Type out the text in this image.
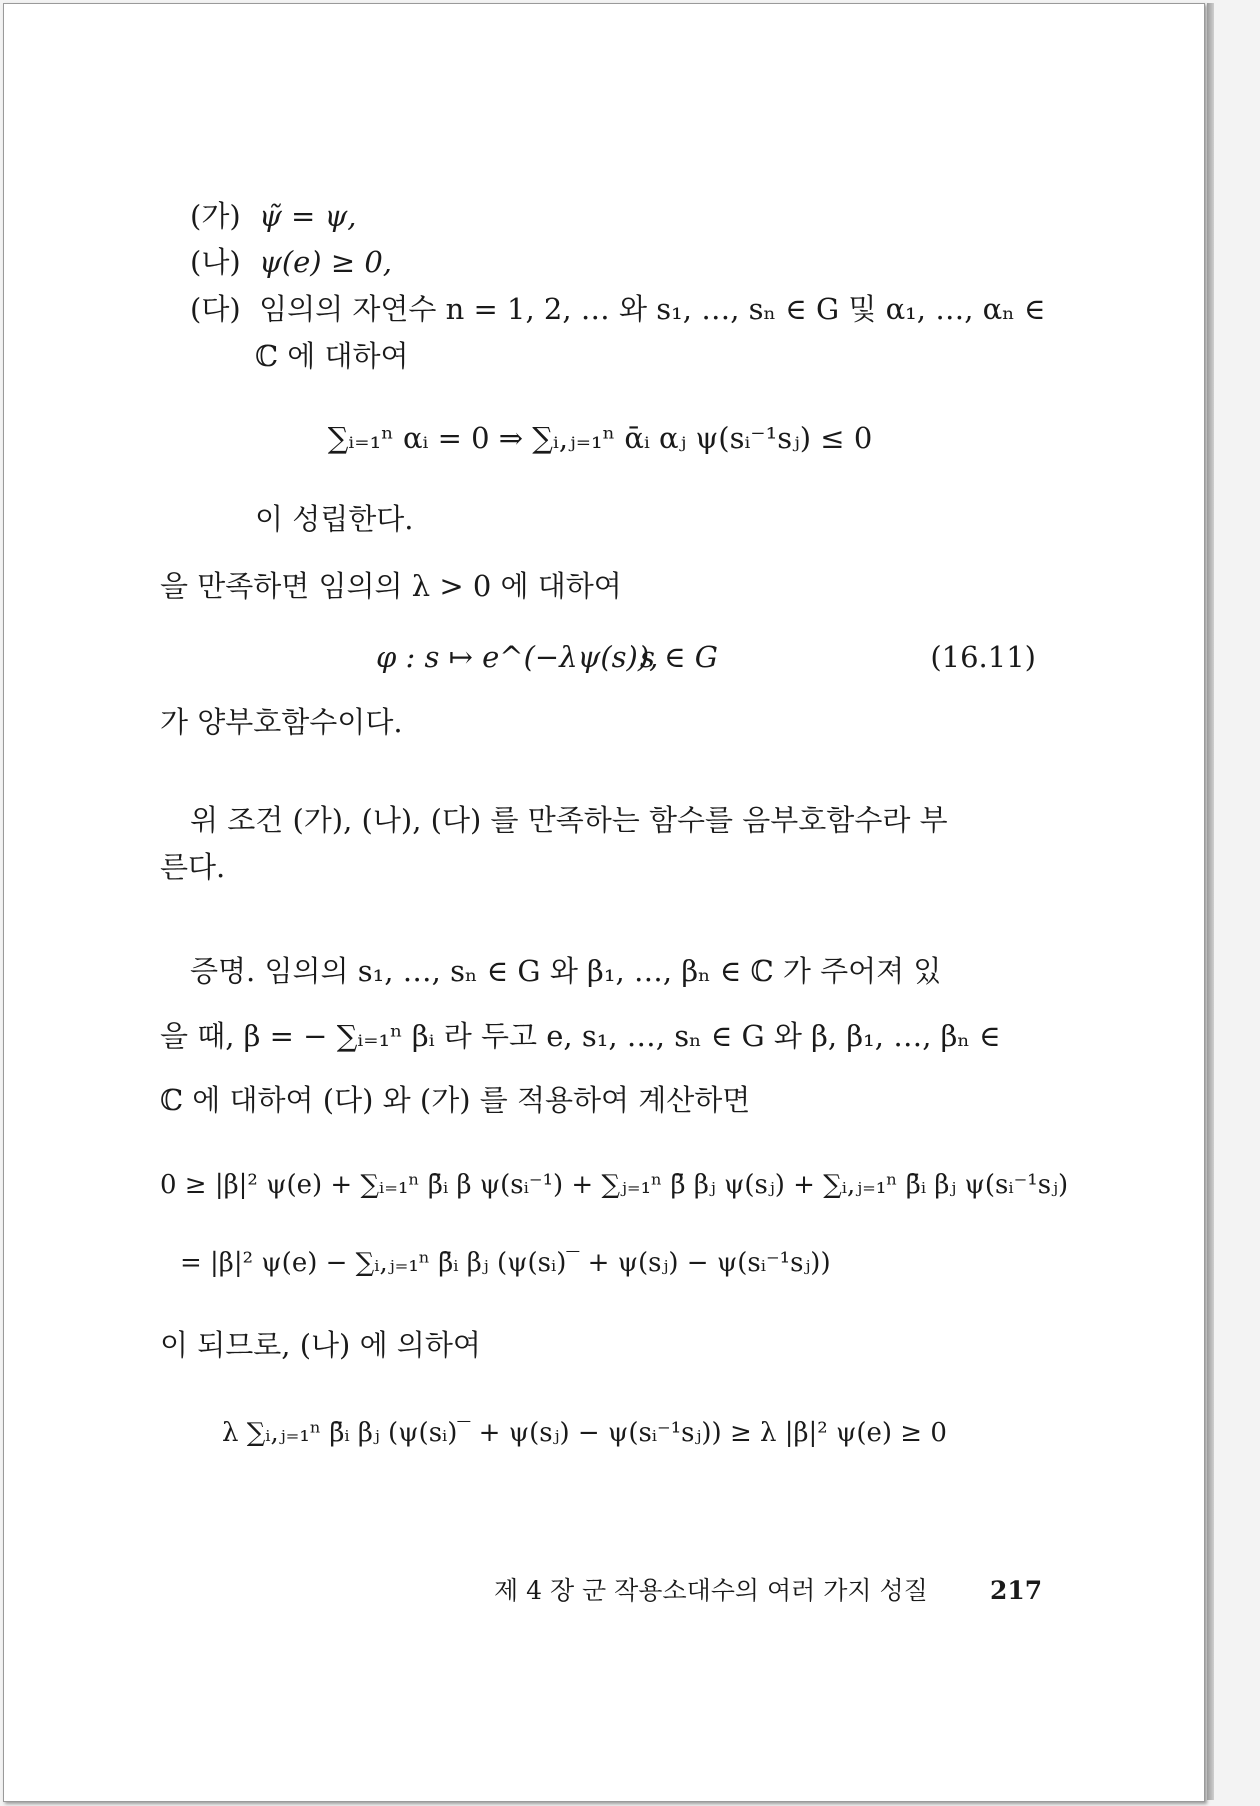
(가) ψ̃ = ψ,
(나) ψ(e) ≥ 0,
(다) 임의의 자연수 n = 1, 2, … 와 s₁, …, sₙ ∈ G 및 α₁, …, αₙ ∈
ℂ 에 대하여
∑ᵢ₌₁ⁿ αᵢ = 0 ⇒ ∑ᵢ,ⱼ₌₁ⁿ ᾱᵢ αⱼ ψ(sᵢ⁻¹sⱼ) ≤ 0
이 성립한다.
을 만족하면 임의의 λ > 0 에 대하여
φ : s ↦ e^(−λψ(s)),
s ∈ G	(16.11)
가 양부호함수이다.
위 조건 (가), (나), (다) 를 만족하는 함수를 음부호함수라 부
른다.
증명. 임의의 s₁, …, sₙ ∈ G 와 β₁, …, βₙ ∈ ℂ 가 주어져 있
을 때, β = − ∑ᵢ₌₁ⁿ βᵢ 라 두고 e, s₁, …, sₙ ∈ G 와 β, β₁, …, βₙ ∈
ℂ 에 대하여 (다) 와 (가) 를 적용하여 계산하면
0 ≥ |β|² ψ(e) + ∑ᵢ₌₁ⁿ β̄ᵢ β ψ(sᵢ⁻¹) + ∑ⱼ₌₁ⁿ β̄ βⱼ ψ(sⱼ) + ∑ᵢ,ⱼ₌₁ⁿ β̄ᵢ βⱼ ψ(sᵢ⁻¹sⱼ)
= |β|² ψ(e) − ∑ᵢ,ⱼ₌₁ⁿ β̄ᵢ βⱼ (ψ(sᵢ)‾ + ψ(sⱼ) − ψ(sᵢ⁻¹sⱼ))
이 되므로, (나) 에 의하여
λ ∑ᵢ,ⱼ₌₁ⁿ β̄ᵢ βⱼ (ψ(sᵢ)‾ + ψ(sⱼ) − ψ(sᵢ⁻¹sⱼ)) ≥ λ |β|² ψ(e) ≥ 0
제 4 장 군 작용소대수의 여러 가지 성질 217
